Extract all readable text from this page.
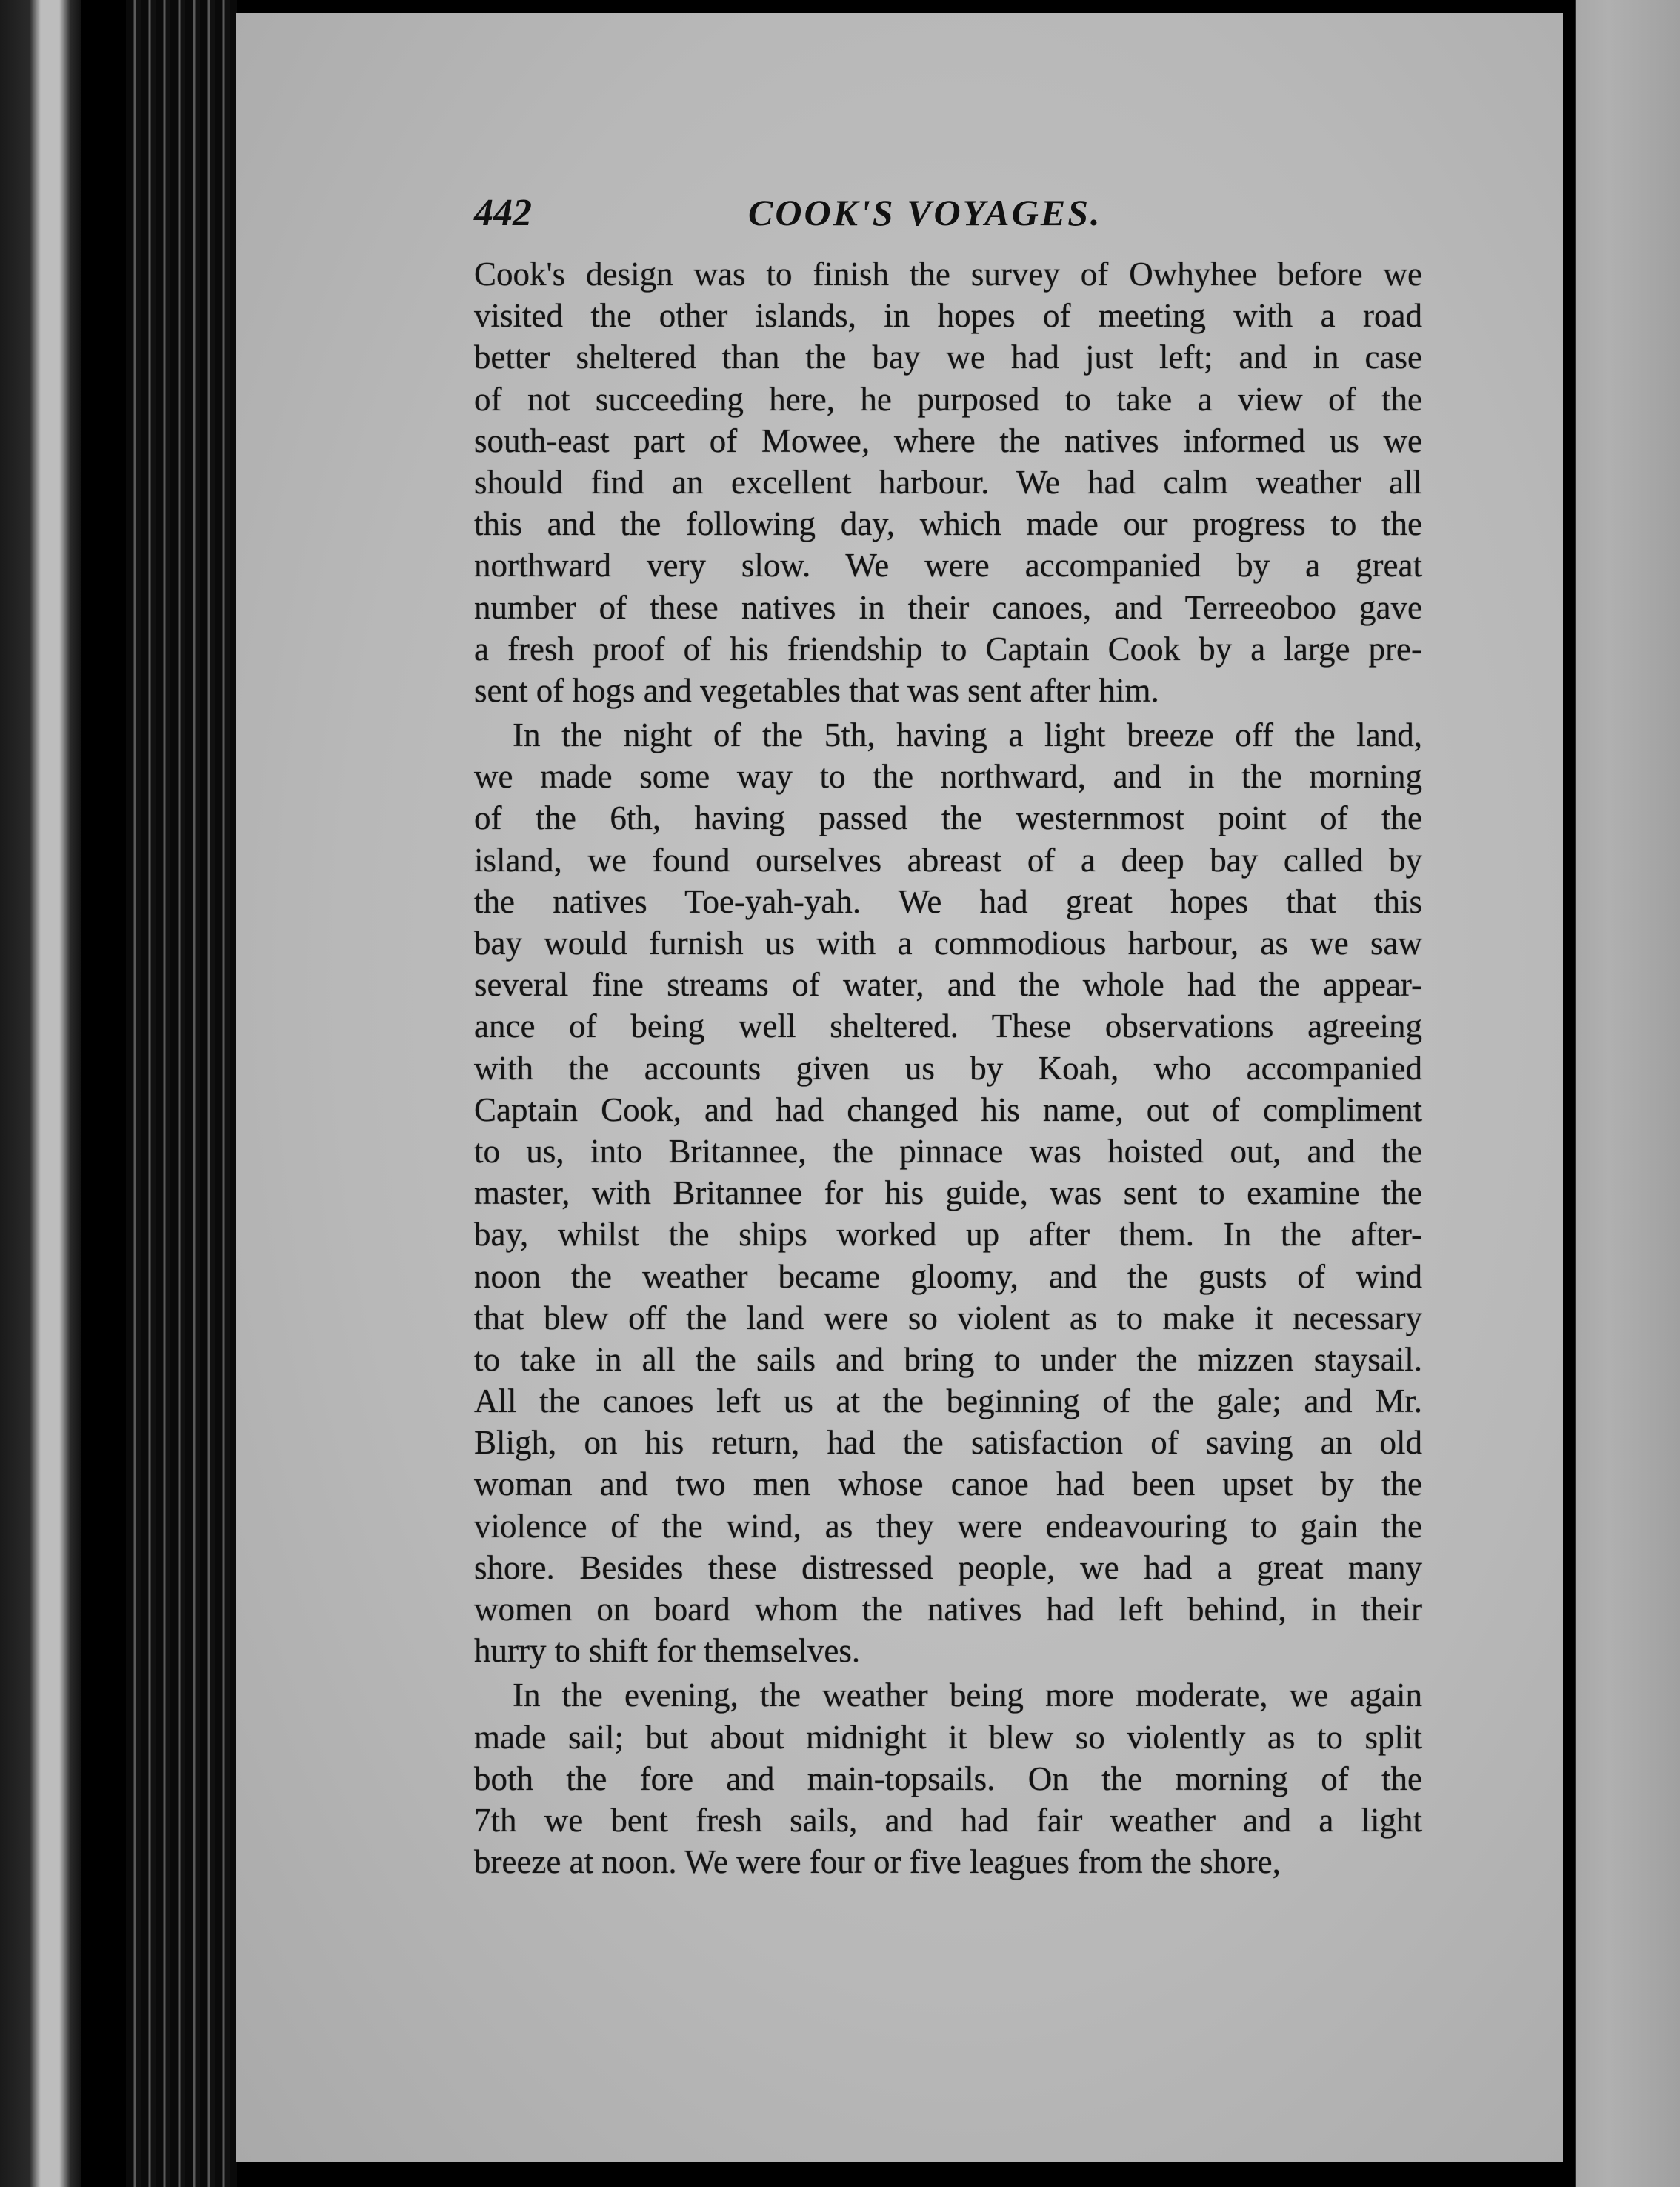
442	COOK'S VOYAGES.
Cook's design was to finish the survey of Owhyhee before we
visited the other islands, in hopes of meeting with a road
better sheltered than the bay we had just left; and in case
of not succeeding here, he purposed to take a view of the
south-east part of Mowee, where the natives informed us we
should find an excellent harbour. We had calm weather all
this and the following day, which made our progress to the
northward very slow. We were accompanied by a great
number of these natives in their canoes, and Terreeoboo gave
a fresh proof of his friendship to Captain Cook by a large pre-
sent of hogs and vegetables that was sent after him.
In the night of the 5th, having a light breeze off the land,
we made some way to the northward, and in the morning
of the 6th, having passed the westernmost point of the
island, we found ourselves abreast of a deep bay called by
the natives Toe-yah-yah. We had great hopes that this
bay would furnish us with a commodious harbour, as we saw
several fine streams of water, and the whole had the appear-
ance of being well sheltered. These observations agreeing
with the accounts given us by Koah, who accompanied
Captain Cook, and had changed his name, out of compliment
to us, into Britannee, the pinnace was hoisted out, and the
master, with Britannee for his guide, was sent to examine the
bay, whilst the ships worked up after them. In the after-
noon the weather became gloomy, and the gusts of wind
that blew off the land were so violent as to make it necessary
to take in all the sails and bring to under the mizzen staysail.
All the canoes left us at the beginning of the gale; and Mr.
Bligh, on his return, had the satisfaction of saving an old
woman and two men whose canoe had been upset by the
violence of the wind, as they were endeavouring to gain the
shore. Besides these distressed people, we had a great many
women on board whom the natives had left behind, in their
hurry to shift for themselves.
In the evening, the weather being more moderate, we again
made sail; but about midnight it blew so violently as to split
both the fore and main-topsails. On the morning of the
7th we bent fresh sails, and had fair weather and a light
breeze at noon. We were four or five leagues from the shore,
